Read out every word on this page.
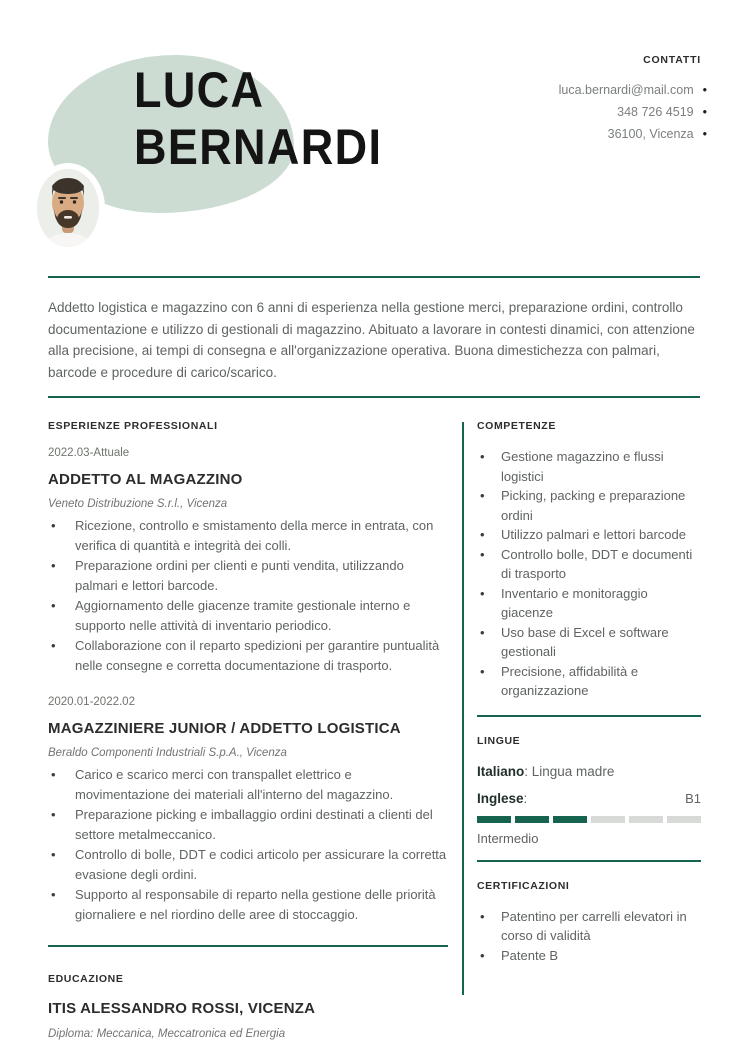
LUCA
BERNARDI
CONTATTI
luca.bernardi@mail.com •
348 726 4519 •
36100, Vicenza •

Addetto logistica e magazzino con 6 anni di esperienza nella gestione merci, preparazione ordini, controllo documentazione e utilizzo di gestionali di magazzino. Abituato a lavorare in contesti dinamici, con attenzione alla precisione, ai tempi di consegna e all'organizzazione operativa. Buona dimestichezza con palmari, barcode e procedure di carico/scarico.

ESPERIENZE PROFESSIONALI
2022.03-Attuale
ADDETTO AL MAGAZZINO
Veneto Distribuzione S.r.l., Vicenza
• Ricezione, controllo e smistamento della merce in entrata, con verifica di quantità e integrità dei colli.
• Preparazione ordini per clienti e punti vendita, utilizzando palmari e lettori barcode.
• Aggiornamento delle giacenze tramite gestionale interno e supporto nelle attività di inventario periodico.
• Collaborazione con il reparto spedizioni per garantire puntualità nelle consegne e corretta documentazione di trasporto.
2020.01-2022.02
MAGAZZINIERE JUNIOR / ADDETTO LOGISTICA
Beraldo Componenti Industriali S.p.A., Vicenza
• Carico e scarico merci con transpallet elettrico e movimentazione dei materiali all'interno del magazzino.
• Preparazione picking e imballaggio ordini destinati a clienti del settore metalmeccanico.
• Controllo di bolle, DDT e codici articolo per assicurare la corretta evasione degli ordini.
• Supporto al responsabile di reparto nella gestione delle priorità giornaliere e nel riordino delle aree di stoccaggio.
EDUCAZIONE
ITIS ALESSANDRO ROSSI, VICENZA
Diploma: Meccanica, Meccatronica ed Energia
COMPETENZE
• Gestione magazzino e flussi logistici
• Picking, packing e preparazione ordini
• Utilizzo palmari e lettori barcode
• Controllo bolle, DDT e documenti di trasporto
• Inventario e monitoraggio giacenze
• Uso base di Excel e software gestionali
• Precisione, affidabilità e organizzazione
LINGUE
Italiano: Lingua madre
Inglese:	B1
Intermedio
CERTIFICAZIONI
• Patentino per carrelli elevatori in corso di validità
• Patente B
